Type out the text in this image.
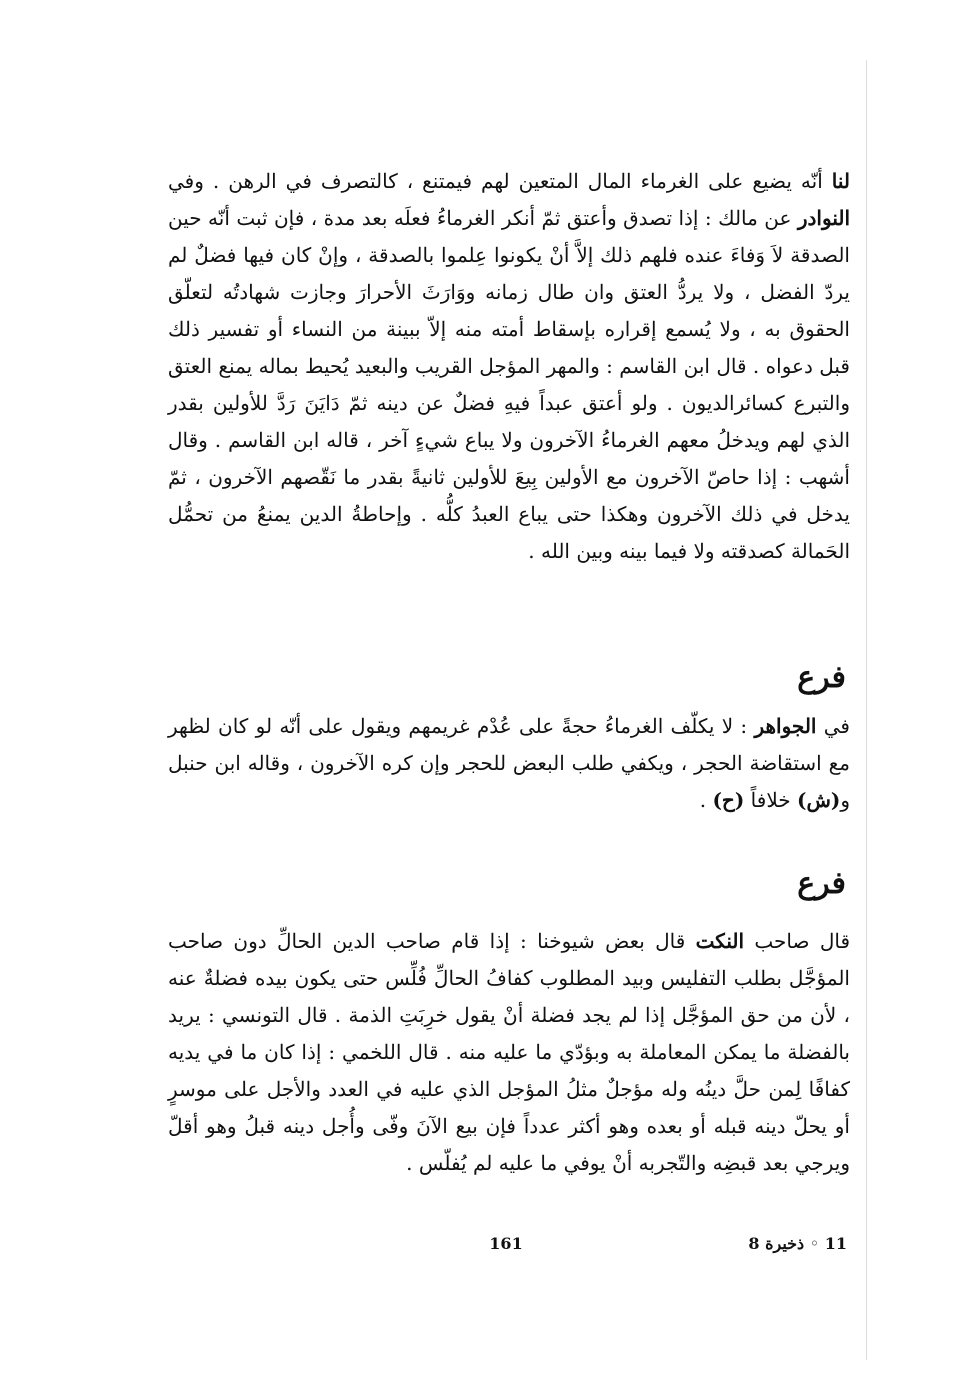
لنا أنّه يضيع على الغرماء المال المتعين لهم فيمتنع ، كالتصرف في الرهن . وفي النوادر عن مالك : إذا تصدق وأعتق ثمّ أنكر الغرماءُ فعلَه بعد مدة ، فإن ثبت أنّه حين الصدقة لاَ وَفاءَ عنده فلهم ذلك إلاَّ أنْ يكونوا عِلموا بالصدقة ، وإنْ كان فيها فضلٌ لم يردّ الفضل ، ولا يردُّ العتق وان طال زمانه ووَارَثَ الأحرارَ وجازت شهادتُه لتعلّق الحقوق به ، ولا يُسمع إقراره بإسقاط أمته منه إلاّ ببينة من النساء أو تفسير ذلك قبل دعواه . قال ابن القاسم : والمهر المؤجل القريب والبعيد يُحيط بماله يمنع العتق والتبرع كسائرالديون . ولو أعتق عبداً فيهِ فضلٌ عن دينه ثمّ دَايَنَ رَدَّ للأولين بقدر الذي لهم ويدخلُ معهم الغرماءُ الآخرون ولا يباع شيءٍ آخر ، قاله ابن القاسم . وقال أشهب : إذا حاصّ الآخرون مع الأولين بِيعَ للأولين ثانيةً بقدر ما نَقّصهم الآخرون ، ثمّ يدخل في ذلك الآخرون وهكذا حتى يباع العبدُ كلُّه . وإحاطةُ الدين يمنعُ من تحمُّل الحَمالة كصدقته ولا فيما بينه وبين الله .

فرع

في الجواهر : لا يكلّف الغرماءُ حجةً على عُدْم غريمهم ويقول على أنّه لو كان لظهر مع استقاضة الحجر ، ويكفي طلب البعض للحجر وإن كره الآخرون ، وقاله ابن حنبل و(ش) خلافاً (ح) .

فرع

قال صاحب النكت قال بعض شيوخنا : إذا قام صاحب الدين الحالِّ دون صاحب المؤجَّل بطلب التفليس وبيد المطلوب كفافُ الحالِّ فُلِّس حتى يكون بيده فضلةٌ عنه ، لأن من حق المؤجَّل إذا لم يجد فضلة أنْ يقول خرِبَتِ الذمة . قال التونسي : يريد بالفضلة ما يمكن المعاملة به وبؤدّي ما عليه منه . قال اللخمي : إذا كان ما في يديه كفافًا لِمن حلَّ دينُه وله مؤجلٌ مثلُ المؤجل الذي عليه في العدد والأجل على موسرٍ أو يحلّ دينه قبله أو بعده وهو أكثر عدداً فإن بيع الآنَ وفّى وأُجل دينه قبلُ وهو أقلّ ويرجي بعد قبضِه والتّجربه أنْ يوفي ما عليه لم يُفلّس .

161	11 ◦ ذخيرة 8
